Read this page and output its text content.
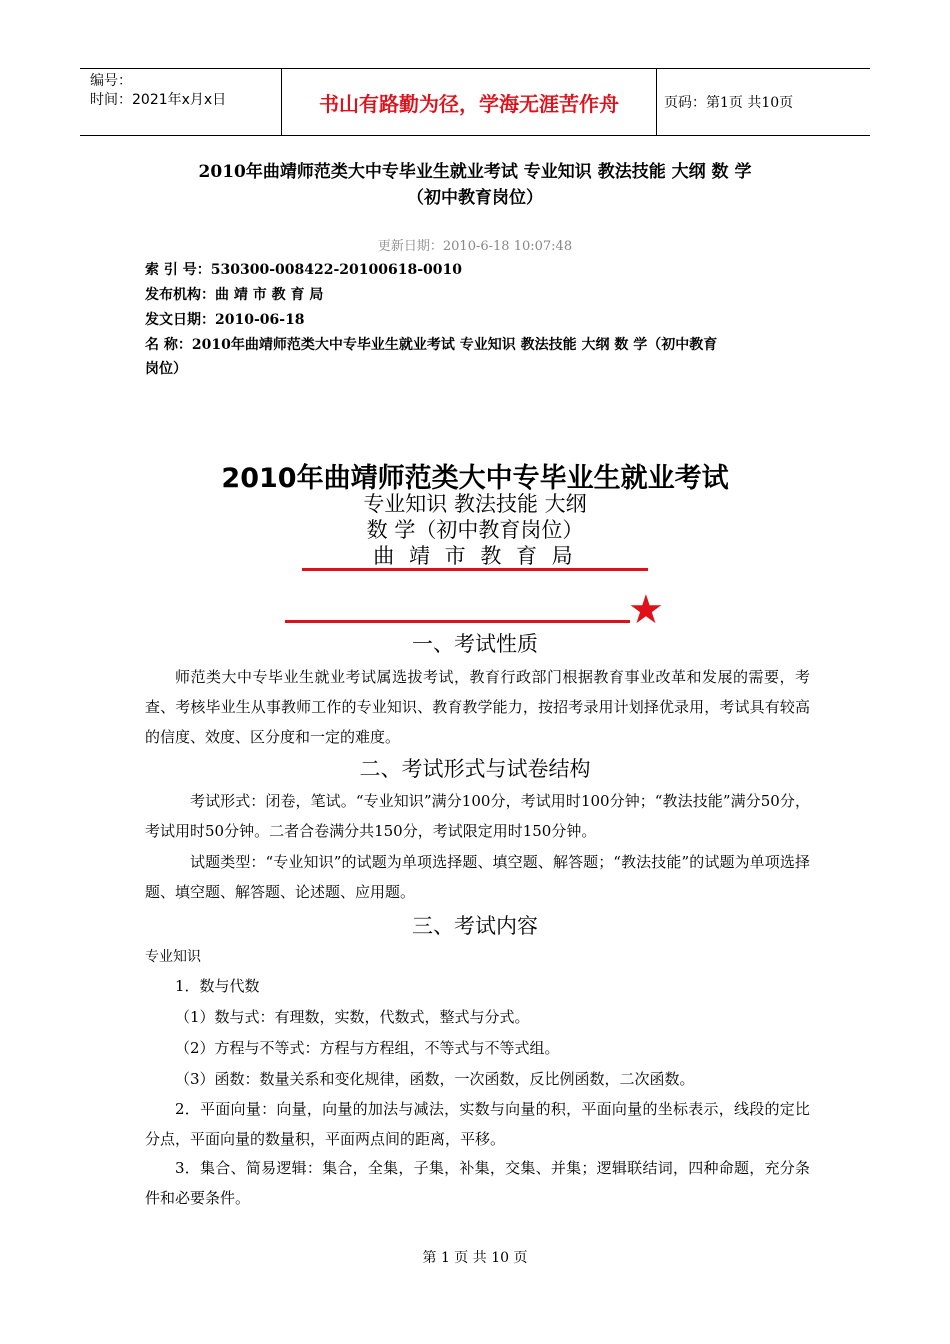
编号：
时间：2021年x月x日	书山有路勤为径，学海无涯苦作舟	页码：第1页 共10页
2010年曲靖师范类大中专毕业生就业考试 专业知识 教法技能 大纲 数 学
（初中教育岗位）
更新日期：2010-6-18 10:07:48
索 引 号：530300-008422-20100618-0010
发布机构：曲 靖 市 教 育 局
发文日期：2010-06-18
名 称：2010年曲靖师范类大中专毕业生就业考试 专业知识 教法技能 大纲 数 学（初中教育
岗位）
2010年曲靖师范类大中专毕业生就业考试
专业知识 教法技能 大纲
数 学（初中教育岗位）
曲 靖 市 教 育 局
★
一、考试性质
师范类大中专毕业生就业考试属选拔考试，教育行政部门根据教育事业改革和发展的需要，考查、考核毕业生从事教师工作的专业知识、教育教学能力，按招考录用计划择优录用，考试具有较高的信度、效度、区分度和一定的难度。
二、考试形式与试卷结构
考试形式：闭卷，笔试。“专业知识”满分100分，考试用时100分钟；“教法技能”满分50分，考试用时50分钟。二者合卷满分共150分，考试限定用时150分钟。
试题类型：“专业知识”的试题为单项选择题、填空题、解答题；“教法技能”的试题为单项选择题、填空题、解答题、论述题、应用题。
三、考试内容
专业知识
1．数与代数
（1）数与式：有理数，实数，代数式，整式与分式。
（2）方程与不等式：方程与方程组，不等式与不等式组。
（3）函数：数量关系和变化规律，函数，一次函数，反比例函数，二次函数。
2．平面向量：向量，向量的加法与减法，实数与向量的积，平面向量的坐标表示，线段的定比分点，平面向量的数量积，平面两点间的距离，平移。
3．集合、简易逻辑：集合，全集，子集，补集，交集、并集；逻辑联结词，四种命题，充分条件和必要条件。
第 1 页 共 10 页
